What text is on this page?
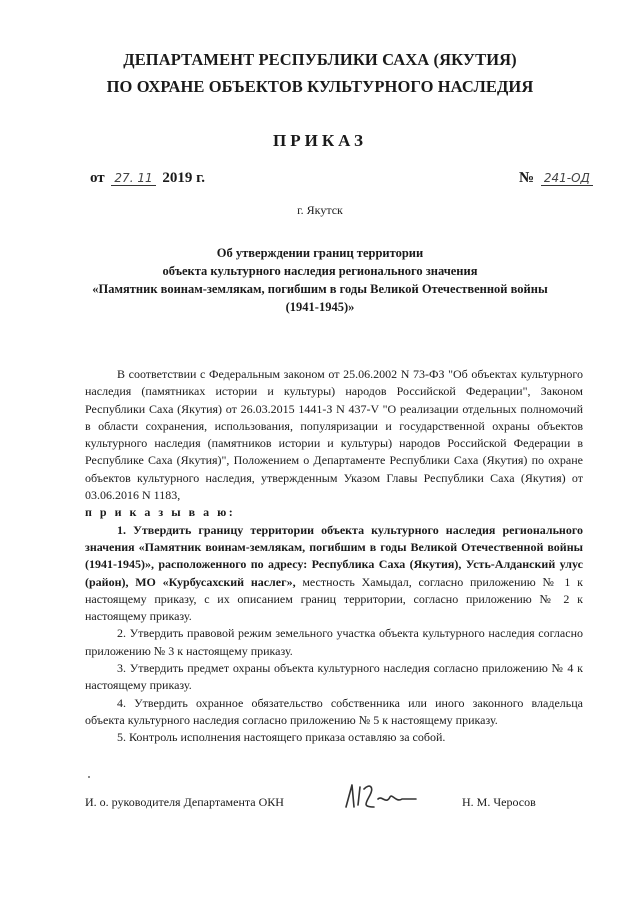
ДЕПАРТАМЕНТ РЕСПУБЛИКИ САХА (ЯКУТИЯ)
ПО ОХРАНЕ ОБЪЕКТОВ КУЛЬТУРНОГО НАСЛЕДИЯ
ПРИКАЗ
от 27. 11 2019 г.	№ 241-ОД
г. Якутск
Об утверждении границ территории
объекта культурного наследия регионального значения
«Памятник воинам-землякам, погибшим в годы Великой Отечественной войны
(1941-1945)»

В соответствии с Федеральным законом от 25.06.2002 N 73-ФЗ "Об объектах культурного наследия (памятниках истории и культуры) народов Российской Федерации", Законом Республики Саха (Якутия) от 26.03.2015 1441-З N 437-V "О реализации отдельных полномочий в области сохранения, использования, популяризации и государственной охраны объектов культурного наследия (памятников истории и культуры) народов Российской Федерации в Республике Саха (Якутия)", Положением о Департаменте Республики Саха (Якутия) по охране объектов культурного наследия, утвержденным Указом Главы Республики Саха (Якутия) от 03.06.2016 N 1183,

п р и к а з ы в а ю:

1. Утвердить границу территории объекта культурного наследия регионального значения «Памятник воинам-землякам, погибшим в годы Великой Отечественной войны (1941-1945)», расположенного по адресу: Республика Саха (Якутия), Усть-Алданский улус (район), МО «Курбусахский наслег», местность Хамыдал, согласно приложению № 1 к настоящему приказу, с их описанием границ территории, согласно приложению № 2 к настоящему приказу.

2. Утвердить правовой режим земельного участка объекта культурного наследия согласно приложению № 3 к настоящему приказу.

3. Утвердить предмет охраны объекта культурного наследия согласно приложению № 4 к настоящему приказу.

4. Утвердить охранное обязательство собственника или иного законного владельца объекта культурного наследия согласно приложению № 5 к настоящему приказу.

5. Контроль исполнения настоящего приказа оставляю за собой.

И. о. руководителя Департамента ОКН	Н. М. Черосов
